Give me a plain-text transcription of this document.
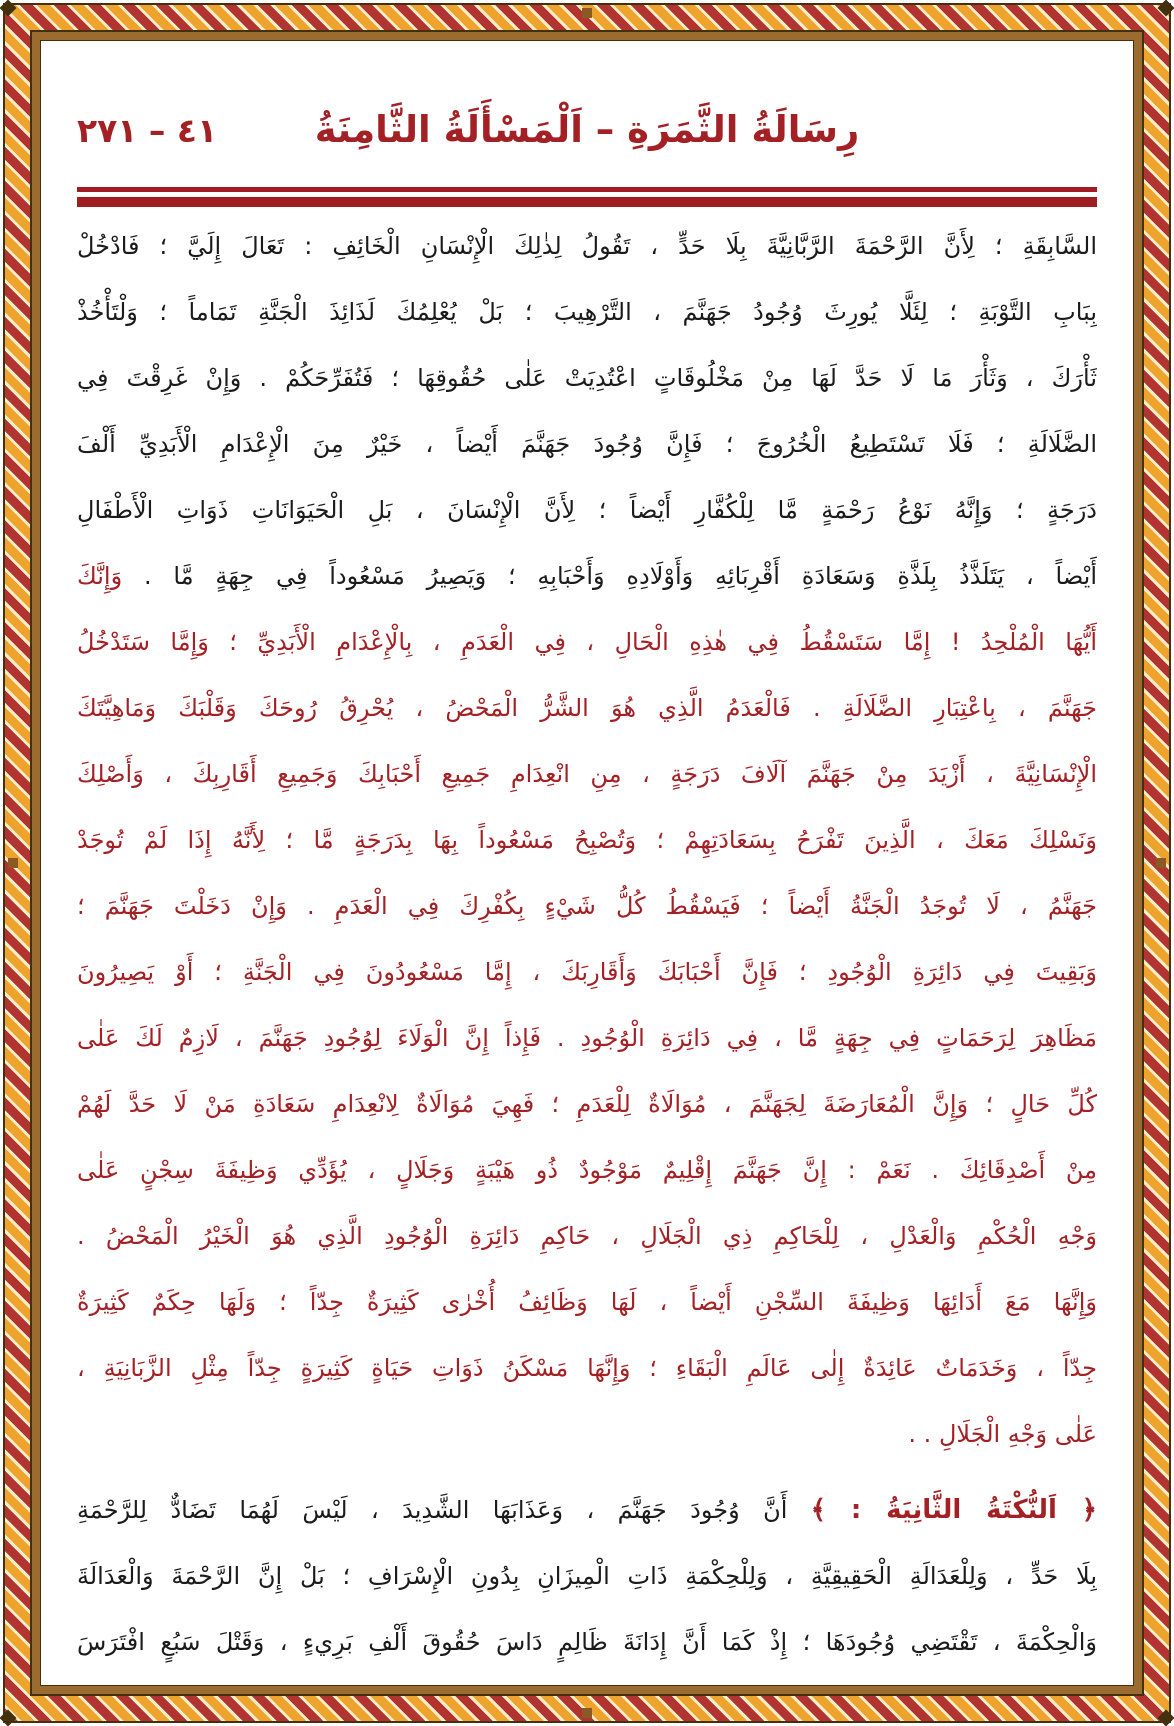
٤١ – ٢٧١	رِسَالَةُ الثَّمَرَةِ – اَلْمَسْأَلَةُ الثَّامِنَةُ
السَّابِقَةِ ؛ لِأَنَّ الرَّحْمَةَ الرَّبَّانِيَّةَ بِلَا حَدٍّ ، تَقُولُ لِذٰلِكَ الْإِنْسَانِ الْخَائِفِ : تَعَالَ إِلَيَّ ؛ فَادْخُلْ
بِبَابِ التَّوْبَةِ ؛ لِئَلَّا يُورِثَ وُجُودُ جَهَنَّمَ ، التَّرْهِيبَ ؛ بَلْ يُعْلِمُكَ لَذَائِذَ الْجَنَّةِ تَمَاماً ؛ وَلْتَأْخُذْ
ثَأْرَكَ ، وَثَأْرَ مَا لَا حَدَّ لَهَا مِنْ مَخْلُوقَاتٍ اعْتُدِيَتْ عَلٰى حُقُوقِهَا ؛ فَتُفَرِّحَكُمْ . وَإِنْ غَرِقْتَ فِي
الضَّلَالَةِ ؛ فَلَا تَسْتَطِيعُ الْخُرُوجَ ؛ فَإِنَّ وُجُودَ جَهَنَّمَ أَيْضاً ، خَيْرٌ مِنَ الْإِعْدَامِ الْأَبَدِيِّ أَلْفَ
دَرَجَةٍ ؛ وَإِنَّهُ نَوْعُ رَحْمَةٍ مَّا لِلْكُفَّارِ أَيْضاً ؛ لِأَنَّ الْإِنْسَانَ ، بَلِ الْحَيَوَانَاتِ ذَوَاتِ الْأَطْفَالِ
أَيْضاً ، يَتَلَذَّذُ بِلَذَّةِ وَسَعَادَةِ أَقْرِبَائِهِ وَأَوْلَادِهِ وَأَحْبَابِهِ ؛ وَيَصِيرُ مَسْعُوداً فِي جِهَةٍ مَّا . وَإِنَّكَ
أَيُّهَا الْمُلْحِدُ ! إِمَّا سَتَسْقُطُ فِي هٰذِهِ الْحَالِ ، فِي الْعَدَمِ ، بِالْإِعْدَامِ الْأَبَدِيِّ ؛ وَإِمَّا سَتَدْخُلُ
جَهَنَّمَ ، بِاعْتِبَارِ الضَّلَالَةِ . فَالْعَدَمُ الَّذِي هُوَ الشَّرُّ الْمَحْضُ ، يُحْرِقُ رُوحَكَ وَقَلْبَكَ وَمَاهِيَّتَكَ
الْإِنْسَانِيَّةَ ، أَزْيَدَ مِنْ جَهَنَّمَ آلَافَ دَرَجَةٍ ، مِنِ انْعِدَامِ جَمِيعِ أَحْبَابِكَ وَجَمِيعِ أَقَارِبِكَ ، وَأَصْلِكَ
وَنَسْلِكَ مَعَكَ ، الَّذِينَ تَفْرَحُ بِسَعَادَتِهِمْ ؛ وَتُصْبِحُ مَسْعُوداً بِهَا بِدَرَجَةٍ مَّا ؛ لِأَنَّهُ إِذَا لَمْ تُوجَدْ
جَهَنَّمُ ، لَا تُوجَدُ الْجَنَّةُ أَيْضاً ؛ فَيَسْقُطُ كُلُّ شَيْءٍ بِكُفْرِكَ فِي الْعَدَمِ . وَإِنْ دَخَلْتَ جَهَنَّمَ ؛
وَبَقِيتَ فِي دَائِرَةِ الْوُجُودِ ؛ فَإِنَّ أَحْبَابَكَ وَأَقَارِبَكَ ، إِمَّا مَسْعُودُونَ فِي الْجَنَّةِ ؛ أَوْ يَصِيرُونَ
مَظَاهِرَ لِرَحَمَاتٍ فِي جِهَةٍ مَّا ، فِي دَائِرَةِ الْوُجُودِ . فَإِذاً إِنَّ الْوَلَاءَ لِوُجُودِ جَهَنَّمَ ، لَازِمٌ لَكَ عَلٰى
كُلِّ حَالٍ ؛ وَإِنَّ الْمُعَارَضَةَ لِجَهَنَّمَ ، مُوَالَاةٌ لِلْعَدَمِ ؛ فَهِيَ مُوَالَاةٌ لِانْعِدَامِ سَعَادَةِ مَنْ لَا حَدَّ لَهُمْ
مِنْ أَصْدِقَائِكَ . نَعَمْ : إِنَّ جَهَنَّمَ إِقْلِيمٌ مَوْجُودٌ ذُو هَيْبَةٍ وَجَلَالٍ ، يُؤَدِّي وَظِيفَةَ سِجْنٍ عَلٰى
وَجْهِ الْحُكْمِ وَالْعَدْلِ ، لِلْحَاكِمِ ذِي الْجَلَالِ ، حَاكِمِ دَائِرَةِ الْوُجُودِ الَّذِي هُوَ الْخَيْرُ الْمَحْضُ .
وَإِنَّهَا مَعَ أَدَائِهَا وَظِيفَةَ السِّجْنِ أَيْضاً ، لَهَا وَظَائِفُ أُخْرٰى كَثِيرَةٌ جِدّاً ؛ وَلَهَا حِكَمٌ كَثِيرَةٌ
جِدّاً ، وَخَدَمَاتٌ عَائِدَةٌ إِلٰى عَالَمِ الْبَقَاءِ ؛ وَإِنَّهَا مَسْكَنُ ذَوَاتِ حَيَاةٍ كَثِيرَةٍ جِدّاً مِثْلِ الزَّبَانِيَةِ ،
عَلٰى وَجْهِ الْجَلَالِ . .
﴿ اَلنُّكْتَةُ الثَّانِيَةُ : ﴾ أَنَّ وُجُودَ جَهَنَّمَ ، وَعَذَابَهَا الشَّدِيدَ ، لَيْسَ لَهُمَا تَضَادٌّ لِلرَّحْمَةِ
بِلَا حَدٍّ ، وَلِلْعَدَالَةِ الْحَقِيقِيَّةِ ، وَلِلْحِكْمَةِ ذَاتِ الْمِيزَانِ بِدُونِ الْإِسْرَافِ ؛ بَلْ إِنَّ الرَّحْمَةَ وَالْعَدَالَةَ
وَالْحِكْمَةَ ، تَقْتَضِي وُجُودَهَا ؛ إِذْ كَمَا أَنَّ إِدَانَةَ ظَالِمٍ دَاسَ حُقُوقَ أَلْفِ بَرِيءٍ ، وَقَتْلَ سَبُعٍ افْتَرَسَ
